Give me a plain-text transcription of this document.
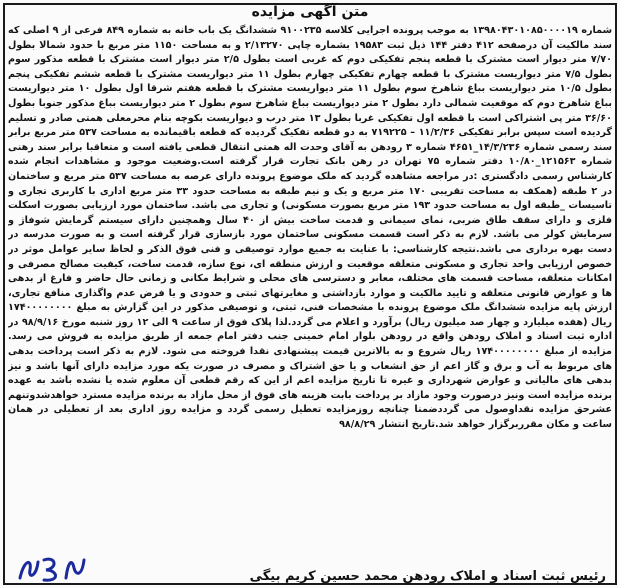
متن آگهی مزایده
شماره ۱۳۹۸۰۴۳۰۱۰۸۵۰۰۰۰۱۹ به موجب پرونده اجرایی کلاسه ۹۱۰۰۲۳۵ ششدانگ یک باب خانه به شماره ۸۴۹ فرعی از ۹ اصلی که سند مالکیت آن درصفحه ۴۱۲ دفتر ۱۴۴ ذیل ثبت ۱۹۵۸۳ بشماره چاپی ۲/۱۳۲۷۰ و به مساحت ۱۱۵۰ متر مربع با حدود شمالا بطول ۷/۷۰ متر دیوار است مشترک با قطعه پنجم تفکیکی دوم که غربی است بطول ۲/۵ متر دیوار است مشترک با قطعه مذکور سوم بطول ۷/۵ متر دیواریست مشترک با قطعه چهارم تفکیکی چهارم بطول ۱۱ متر دیواریست مشترک با قطعه ششم تفکیکی پنجم بطول ۱۰/۵ متر دیواریست بباغ شاهرخ سوم بطول ۱۱ متر دیواریست مشترک با قطعه هفتم شرقا اول بطول ۱۰ متر دیواریست بباغ شاهرخ دوم که موقعیت شمالی دارد بطول ۲ متر دیواریست بباغ شاهرخ سوم بطول ۲ متر دیواریست بباغ مذکور جنوبا بطول ۳۶/۶۰ متر پی اشتراکی است با قطعه اول تفکیکی غربا بطول ۱۳ متر درب و دیواریست بکوچه بنام محرمعلی همتی صادر و تسلیم گردیده است سپس برابر تفکیکی ۱۱/۲/۳۶ – ۷۱۹۲۲۵ به دو قطعه تفکیک گردیده که قطعه باقیمانده به مساحت ۵۳۷ متر مربع برابر سند رسمی شماره ۱۴/۳/۲۳۶_۴۶۵۱ شماره ۳ رودهن به آقای وحدت اله همتی انتقال قطعی یافته است و متعاقبا برابر سند رهنی شماره ۱۲۱۵۶۳_۱۰/۸۰ دفتر شماره ۷۵ تهران در رهن بانک تجارت قرار گرفته است.وضعیت موجود و مشاهدات انجام شده کارشناس رسمی دادگستری :در مراجعه مشاهده گردید که ملک موضوع پرونده دارای عرصه به مساحت ۵۳۷ متر مربع و ساختمان در ۲ طبقه (همکف به مساحت تقریبی ۱۷۰ متر مربع و یک و نیم طبقه به مساحت حدود ۳۳ متر مربع اداری با کاربری تجاری و تاسیسات _طبقه اول به مساحت حدود ۱۹۳ متر مربع بصورت مسکونی) و تجاری می باشد. ساختمان مورد ارزیابی بصورت اسکلت فلزی و دارای سقف طاق ضربی، نمای سیمانی و قدمت ساخت بیش از ۴۰ سال وهمچنین دارای سیستم گرمایش شوفاژ و سرمایش کولر می باشد. لازم به ذکر است قسمت مسکونی ساختمان مورد بازسازی قرار گرفته است و به صورت مدرسه در دست بهره برداری می باشد.نتیجه کارشناسی: با عنایت به جمیع موارد توصیفی و فنی فوق الذکر و لحاظ سایر عوامل موثر در خصوص ارزیابی واحد تجاری و مسکونی متعلقه موقعیت و ارزش منطقه ای، نوع سازه، قدمت ساخت، کیفیت مصالح مصرفی و امکانات متعلقه، مساحت قسمت های مختلف، معابر و دسترسی های محلی و شرایط مکانی و زمانی حال حاضر و فارغ از بدهی ها و عوارض قانونی متعلقه و تایید مالکیت و موارد بازداشتی و مغایرتهای ثبتی و حدودی و یا فرض عدم واگذاری منافع تجاری، ارزش پایه مزایده ششدانگ ملک موضوع پرونده با مشخصات فنی، ثبتی، و توصیفی مذکور در این گزارش به مبلغ ۱۷۴۰۰۰۰۰۰۰۰ ریال (هفده میلیارد و چهار صد میلیون ریال) برآورد و اعلام می گردد.لذا پلاک فوق از ساعت ۹ الی ۱۲ روز شنبه مورخ ۹۸/۹/۱۶ در اداره ثبت اسناد و املاک رودهن واقع در رودهن بلوار امام خمینی جنب دفتر امام جمعه از طریق مزایده به فروش می رسد. مزایده از مبلغ ۱۷۴۰۰۰۰۰۰۰۰ ریال شروع و به بالاترین قیمت پیشنهادی نقدا فروخته می شود. لازم به ذکر است پرداخت بدهی های مربوط به آب و برق و گاز اعم از حق انشعاب و یا حق اشتراک و مصرف در صورت یکه مورد مزایده دارای آنها باشد و نیز بدهی های مالیاتی و عوارض شهرداری و غیره تا تاریخ مزایده اعم از این که رقم قطعی آن معلوم شده یا نشده باشد به عهده برنده مزایده است ونیز درصورت وجود مازاد بر پرداخت بابت هزینه های فوق از محل مازاد به برنده مزایده مسترد خواهدشدوتنهم عشرحق مزایده نقداوصول می گرددضمنا چنانچه روزمزایده تعطیل رسمی گردد و مزایده روز اداری بعد از تعطیلی در همان ساعت و مکان مقرربرگزار خواهد شد.تاریخ انتشار ۹۸/۸/۲۹
رئیس ثبت اسناد و املاک رودهن محمد حسین کریم بیگی
